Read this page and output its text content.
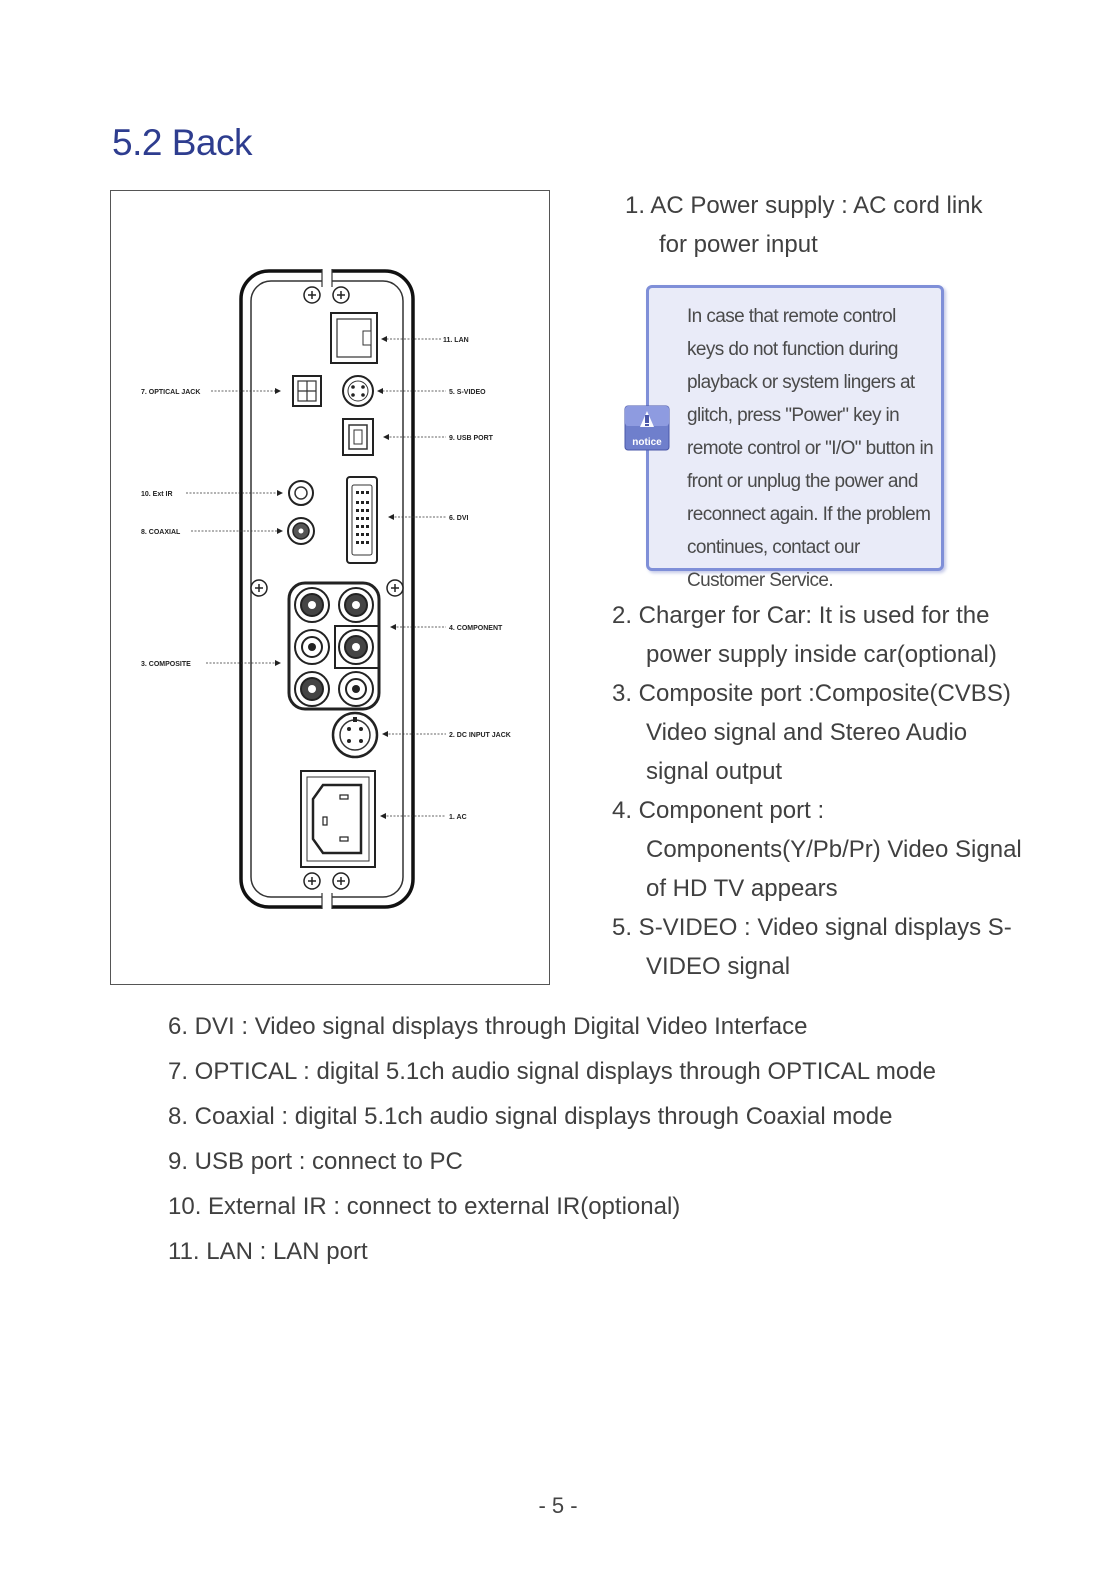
5.2 Back
11. LAN
7. OPTICAL JACK	5. S-VIDEO
9. USB PORT
10. Ext IR
6. DVI
8. COAXIAL
4. COMPONENT
3. COMPOSITE
2. DC INPUT JACK
1. AC
1. AC Power supply : AC cord link for power input
In case that remote control keys do not function during playback or system lingers at glitch, press "Power" key in remote control or "I/O" button in front or unplug the power and reconnect again. If the problem continues, contact our Customer Service.
notice
2. Charger for Car: It is used for the power supply inside car(optional)
3. Composite port :Composite(CVBS) Video signal and Stereo Audio signal output
4. Component port : Components(Y/Pb/Pr) Video Signal of HD TV appears
5. S-VIDEO : Video signal displays S-VIDEO signal
6. DVI : Video signal displays through Digital Video Interface
7. OPTICAL : digital 5.1ch audio signal displays through OPTICAL mode
8. Coaxial : digital 5.1ch audio signal displays through Coaxial mode
9. USB port : connect to PC
10. External IR : connect to external IR(optional)
11. LAN : LAN port
- 5 -
